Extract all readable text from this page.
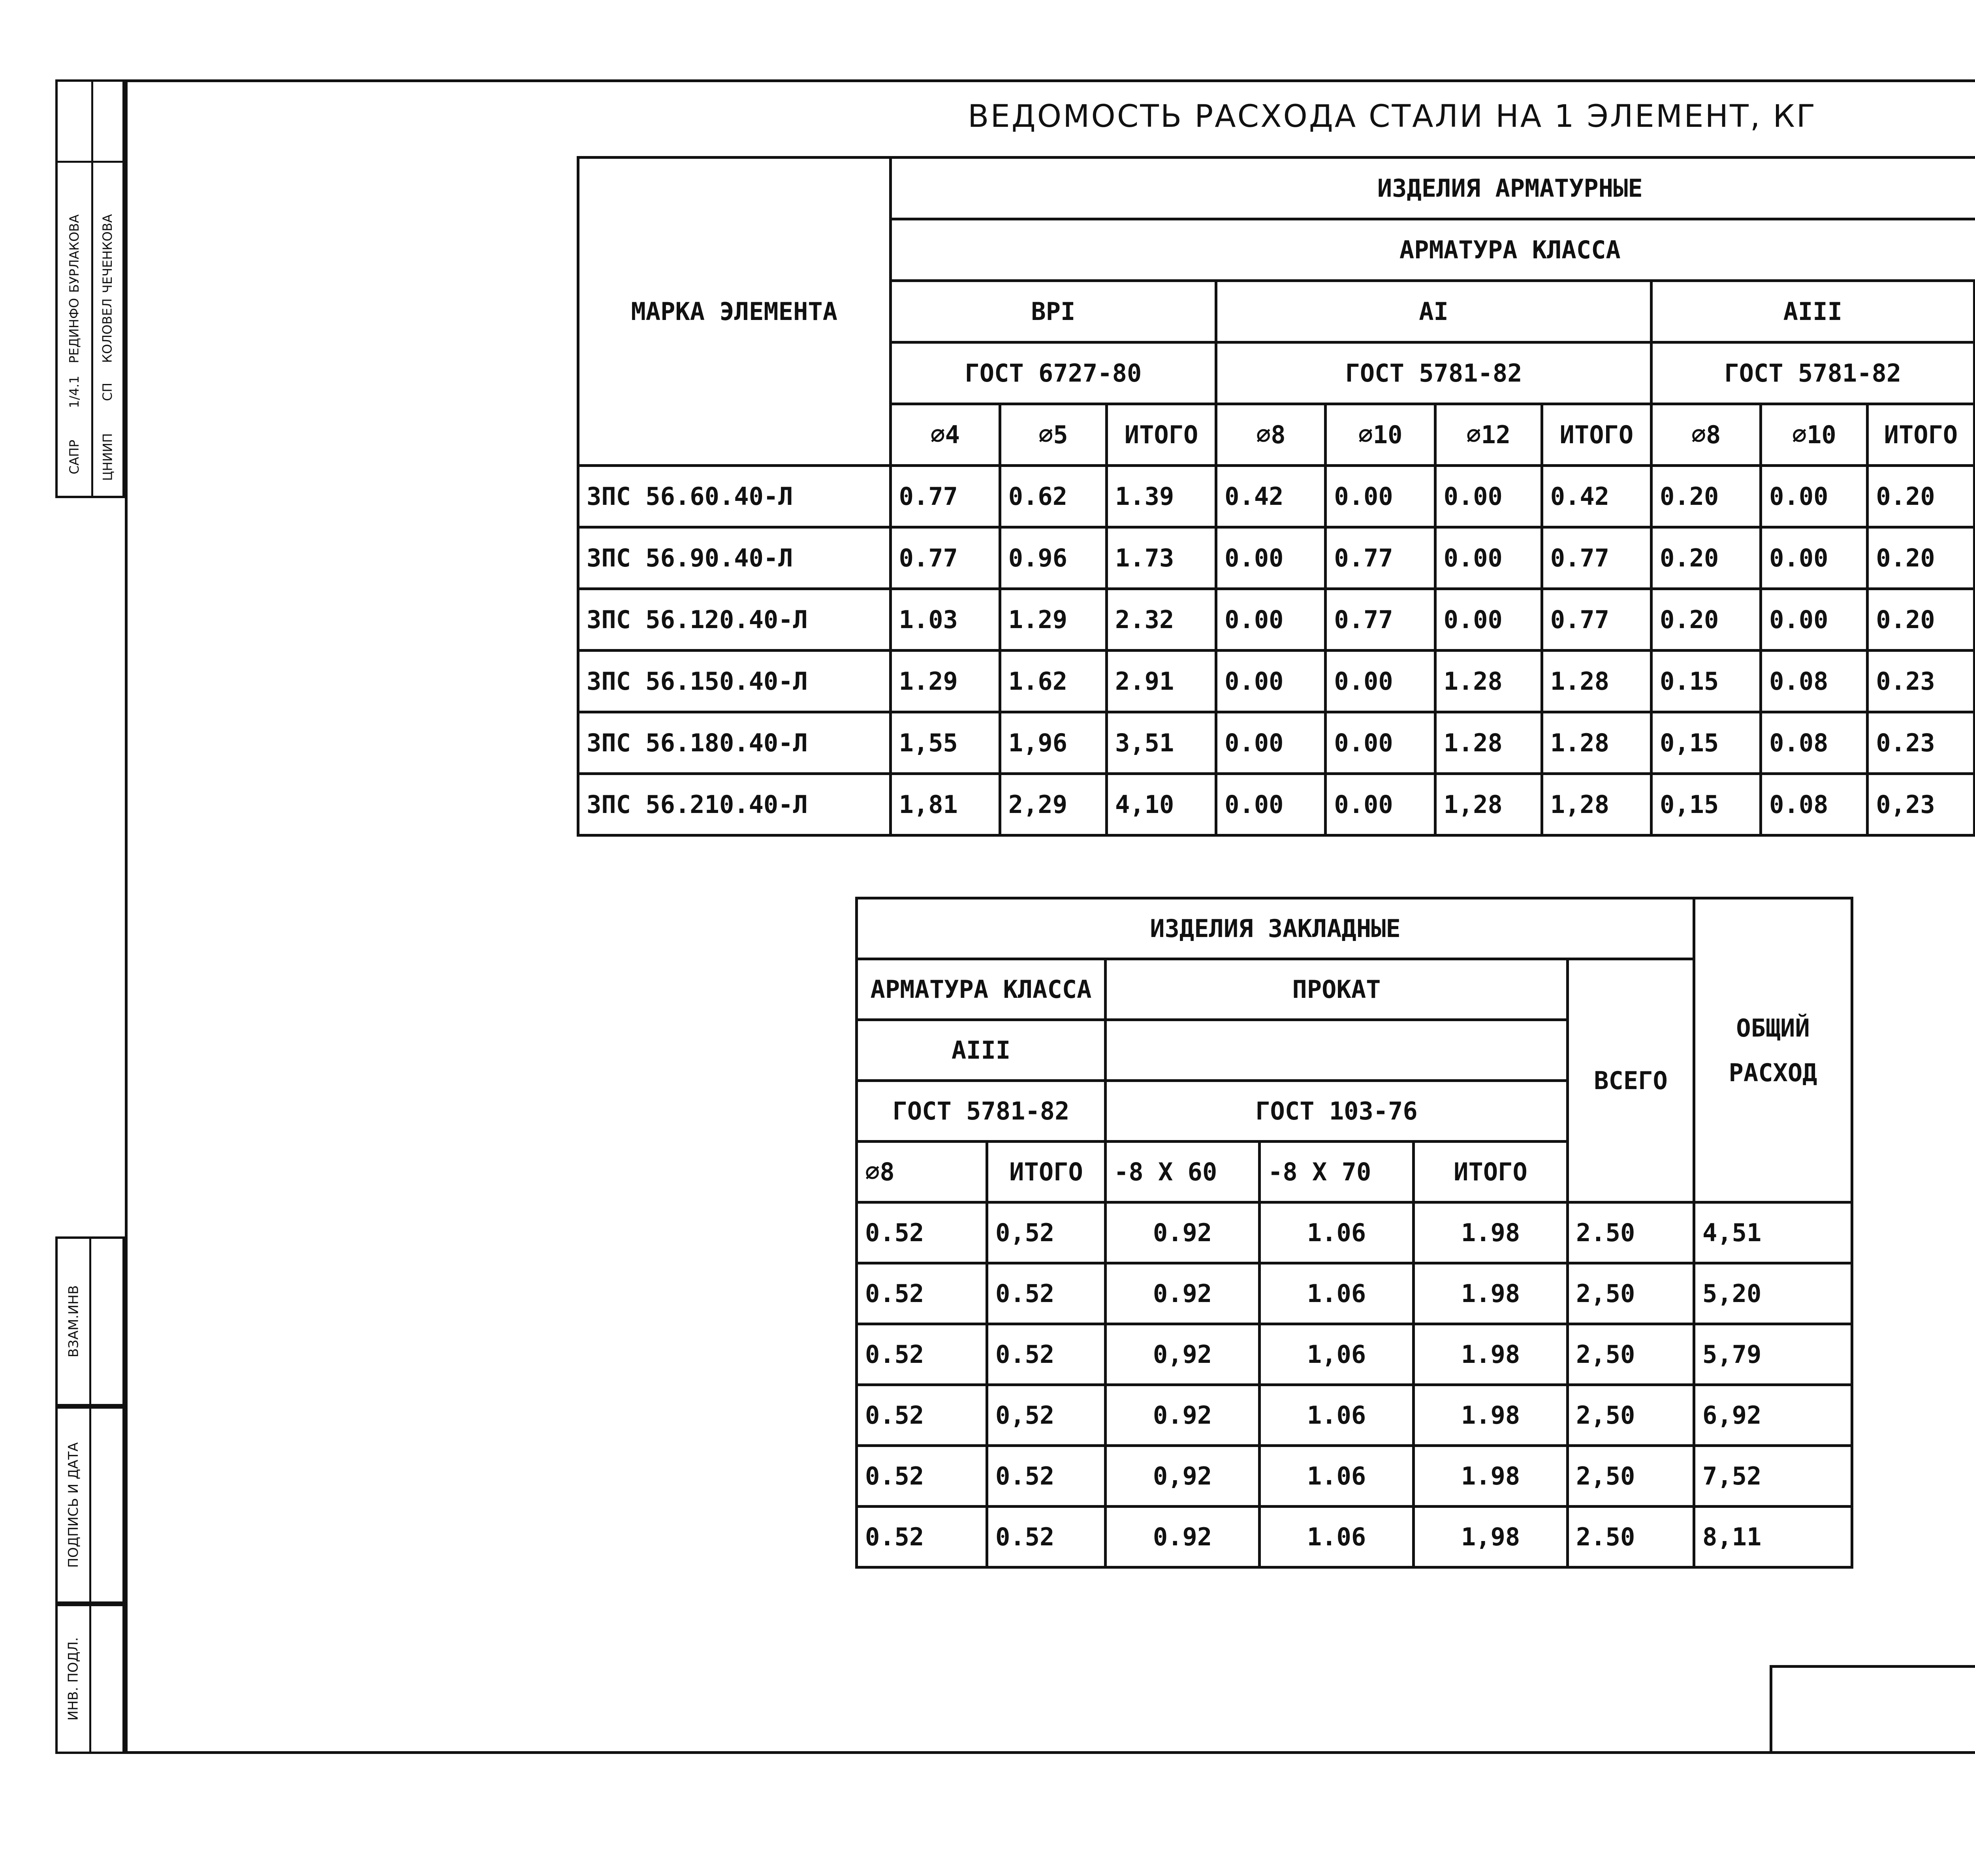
ВЕДОМОСТЬ РАСХОДА СТАЛИ НА 1 ЭЛЕМЕНТ, КГ
МАРКА ЭЛЕМЕНТА	ИЗДЕЛИЯ АРМАТУРНЫЕ										
	АРМАТУРА КЛАССА										
	ВРI			АI				АIII	
	ГОСТ 6727-80			ГОСТ 5781-82				ГОСТ 5781-82			
	∅4	∅5	ИТОГО	∅8	∅10	∅12	ИТОГО	∅8	∅10	ИТОГО	
3ПС 56.60.40-Л	0.77	0.62	1.39	0.42	0.00	0.00	0.42	0.20	0.00	0.20	
3ПС 56.90.40-Л	0.77	0.96	1.73	0.00	0.77	0.00	0.77	0.20	0.00	0.20	
3ПС 56.120.40-Л	1.03	1.29	2.32	0.00	0.77	0.00	0.77	0.20	0.00	0.20	
3ПС 56.150.40-Л	1.29	1.62	2.91	0.00	0.00	1.28	1.28	0.15	0.08	0.23	
3ПС 56.180.40-Л	1,55	1,96	3,51	0.00	0.00	1.28	1.28	0,15	0.08	0.23	
3ПС 56.210.40-Л	1,81	2,29	4,10	0.00	0.00	1,28	1,28	0,15	0.08	0,23	
ИЗДЕЛИЯ ЗАКЛАДНЫЕ						ОБЩИЙ
РАСХОД

АРМАТУРА КЛАССА		ПРОКАТ			ВСЕГО	
АIII						
ГОСТ 5781-82		ГОСТ 103-76				
∅8	ИТОГО	-8 Х 60	-8 Х 70	ИТОГО		
0.52	0,52	0.92	1.06	1.98	2.50	4,51
0.52	0.52	0.92	1.06	1.98	2,50	5,20
0.52	0.52	0,92	1,06	1.98	2,50	5,79
0.52	0,52	0.92	1.06	1.98	2,50	6,92
0.52	0.52	0,92	1.06	1.98	2,50	7,52
0.52	0.52	0.92	1.06	1,98	2.50	8,11
САПР
1/4.1
РЕДИНФО
БУРЛАКОВА
ЦНИИП
СП
КОЛОВЕЛ
ЧЕЧЕНКОВА
ВЗАМ.ИНВ
ПОДПИСЬ И ДАТА
ИНВ. ПОДЛ.
